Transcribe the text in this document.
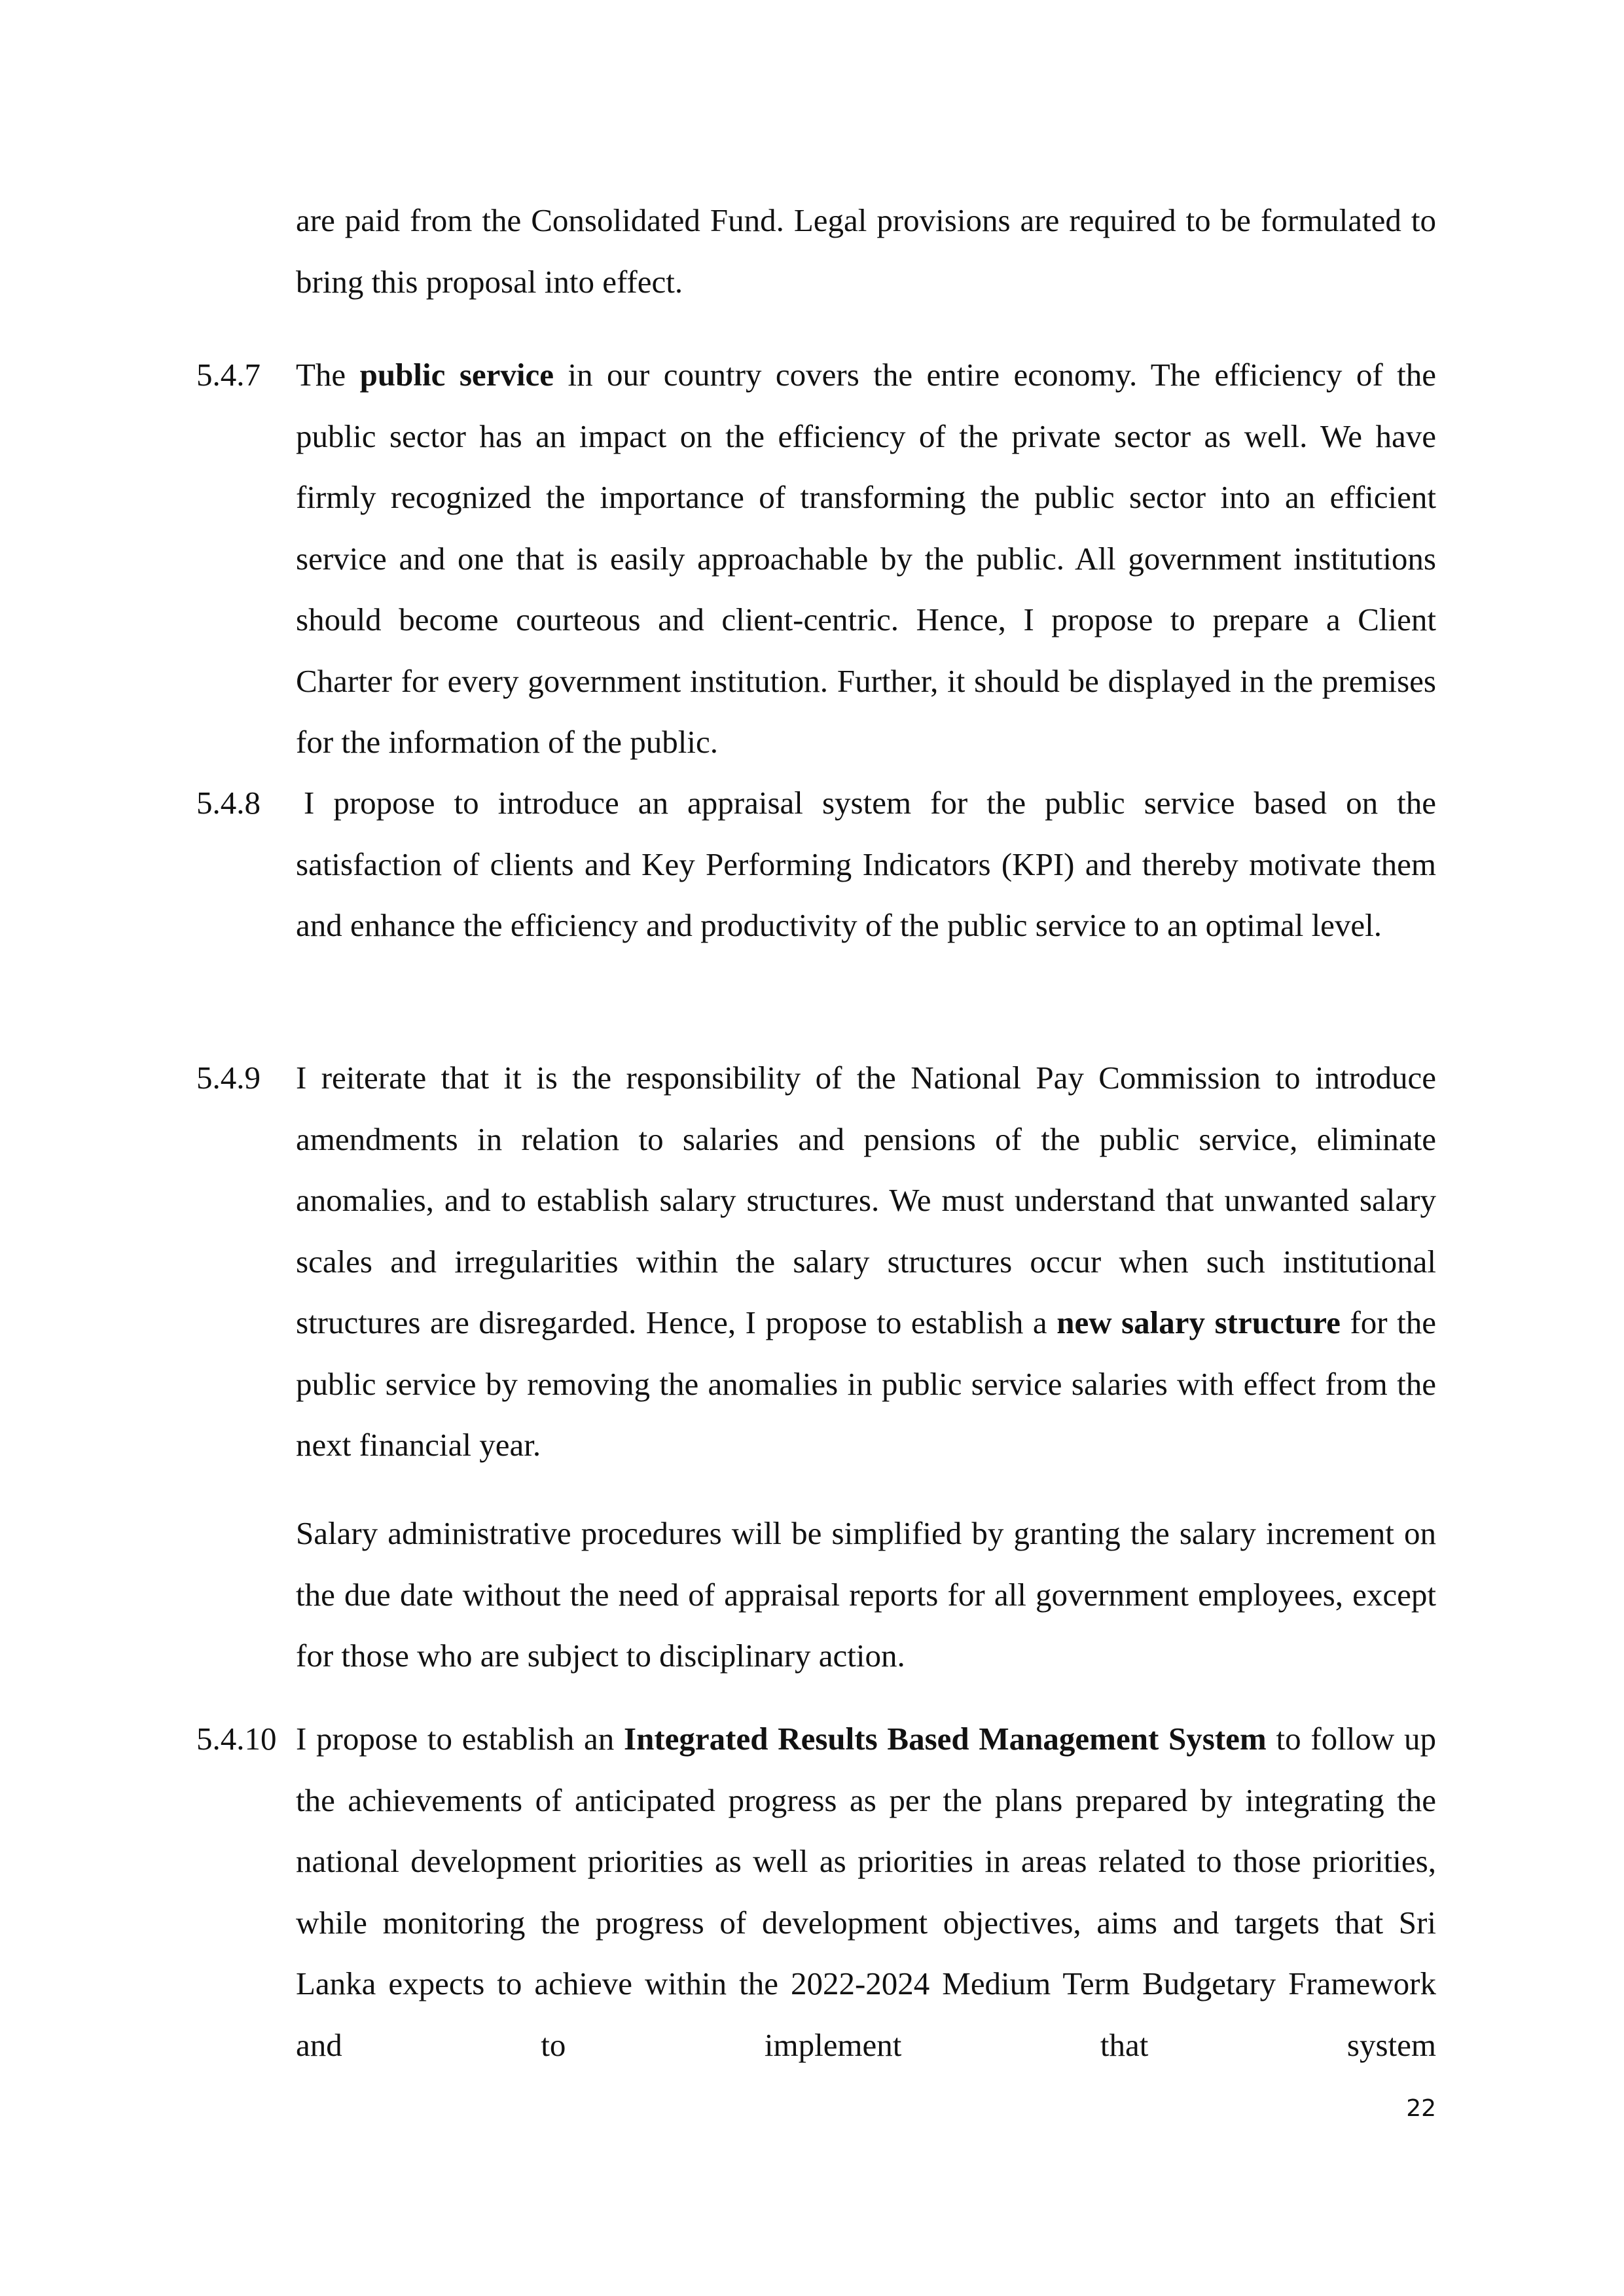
are paid from the Consolidated Fund. Legal provisions are required to be formulated to bring this proposal into effect.

5.4.7 The public service in our country covers the entire economy. The efficiency of the public sector has an impact on the efficiency of the private sector as well. We have firmly recognized the importance of transforming the public sector into an efficient service and one that is easily approachable by the public. All government institutions should become courteous and client-centric. Hence, I propose to prepare a Client Charter for every government institution. Further, it should be displayed in the premises for the information of the public.

5.4.8 I propose to introduce an appraisal system for the public service based on the satisfaction of clients and Key Performing Indicators (KPI) and thereby motivate them and enhance the efficiency and productivity of the public service to an optimal level.

5.4.9 I reiterate that it is the responsibility of the National Pay Commission to introduce amendments in relation to salaries and pensions of the public service, eliminate anomalies, and to establish salary structures. We must understand that unwanted salary scales and irregularities within the salary structures occur when such institutional structures are disregarded. Hence, I propose to establish a new salary structure for the public service by removing the anomalies in public service salaries with effect from the next financial year.

Salary administrative procedures will be simplified by granting the salary increment on the due date without the need of appraisal reports for all government employees, except for those who are subject to disciplinary action.

5.4.10 I propose to establish an Integrated Results Based Management System to follow up the achievements of anticipated progress as per the plans prepared by integrating the national development priorities as well as priorities in areas related to those priorities, while monitoring the progress of development objectives, aims and targets that Sri Lanka expects to achieve within the 2022-2024 Medium Term Budgetary Framework and to implement that system

22
